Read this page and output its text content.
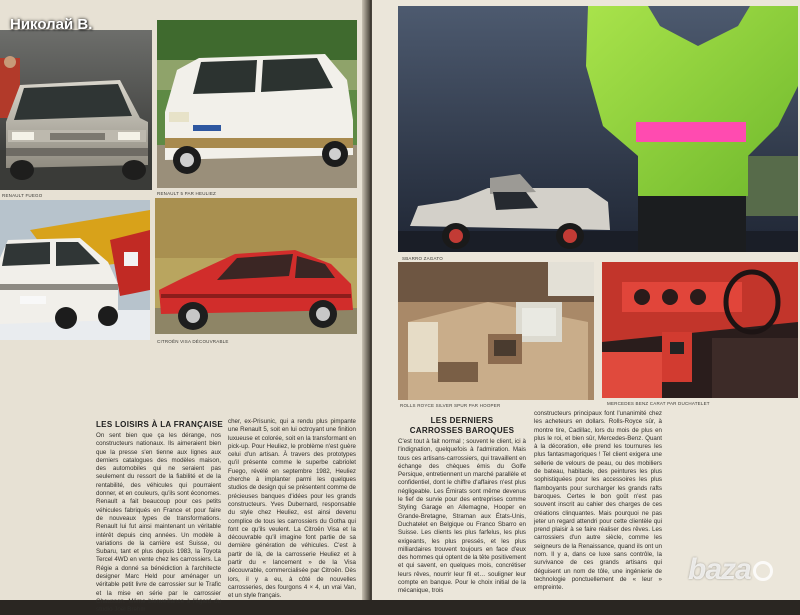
RENAULT FUEGO	RENAULT 5 PAR HEULIEZ
CITROËN VISA DÉCOUVRABLE
LES LOISIRS À LA FRANÇAISE
On sent bien que ça les dérange, nos constructeurs nationaux. Ils aimeraient bien que la presse s'en tienne aux lignes aux derniers catalogues des modèles maison, des automobiles qui ne seraient pas seulement du ressort de la fiabilité et de la rentabilité, des véhicules qui pourraient donner, et en couleurs, qu'ils sont économes. Renault a fait beaucoup pour ces petits véhicules fabriqués en France et pour faire de nouveaux types de transformations. Renault lui fut ainsi maintenant un véritable intérêt depuis cinq années. Un modèle à variations de la carrière est Suisse, ou Subaru, tant et plus depuis 1983, la Toyota Tercel 4WD en vente chez les carrossiers. La Régie a donné sa bénédiction à l'architecte designer Marc Held pour aménager un véritable petit livre de carrossier sur le Trafic et la mise en série par le carrossier Chausson. Même bienveillance à l'égard du studio Joël Brehm
cher, ex-Prisunic, qui a rendu plus pimpante une Renault 5, soit en lui octroyant une finition luxueuse et colorée, soit en la transformant en pick-up. Pour Heuliez, le problème n'est guère celui d'un artisan. À travers des prototypes qu'il présente comme le superbe cabriolet Fuego, révélé en septembre 1982, Heuliez cherche à implanter parmi les quelques studios de design qui se présentent comme de précieuses banques d'idées pour les grands constructeurs. Yves Dubernard, responsable du style chez Heuliez, est ainsi devenu complice de tous les carrossiers du Gotha qui font ce qu'ils veulent. La Citroën Visa et la découvrable qu'il imagine font partie de sa dernière génération de véhicules. C'est à partir de là, de la carrosserie Heuliez et à partir du « lancement » de la Visa découvrable, commercialisée par Citroën. Dès lors, il y a eu, à côté de nouvelles carrosseries, des fourgons 4 × 4, un vrai Van, et un style français.
SBARRO ZAGATO
ROLLS ROYCE SILVER SPUR PAR HOOPER	MERCEDES BENZ CARAT PAR DUCHATELET
LES DERNIERS
CARROSSES BAROQUES
C'est tout à fait normal ; souvent le client, ici à l'indignation, quelquefois à l'admiration. Mais tous ces artisans-carrossiers, qui travaillent en échange des chèques émis du Golfe Persique, entretiennent un marché parallèle et confidentiel, dont le chiffre d'affaires n'est plus négligeable. Les Émirats sont même devenus le fief de survie pour des entreprises comme Styling Garage en Allemagne, Hooper en Grande-Bretagne, Straman aux États-Unis, Duchatelet en Belgique ou Franco Sbarro en Suisse. Les clients les plus farfelus, les plus exigeants, les plus pressés, et les plus milliardaires trouvent toujours en face d'eux des hommes qui optent de la tête positivement et qui savent, en quelques mois, concrétiser leurs rêves, nourrir leur fil et… souligner leur compte en banque. Pour le choix initial de la mécanique, trois
constructeurs principaux font l'unanimité chez les acheteurs en dollars. Rolls-Royce sûr, à montre tire, Cadillac, lors du mois de plus en plus le roi, et bien sûr, Mercedes-Benz. Quant à la décoration, elle prend les tournures les plus fantasmagoriques ! Tel client exigera une sellerie de velours de peau, ou des mobiliers de bateau, habitacle, des peintures les plus sophistiquées pour les accessoires les plus flamboyants pour surcharger les grands rafts baroques. Certes le bon goût n'est pas souvent inscrit au cahier des charges de ces créations clinquantes. Mais pourquoi ne pas jeter un regard attendri pour cette clientèle qui prend plaisir à se faire réaliser des rêves. Les carrossiers d'un autre siècle, comme les seigneurs de la Renaissance, quand ils ont un nom. Il y a, dans ce luxe sans contrôle, la survivance de ces grands artisans qui déguisent un nom de tôle, une ingénierie de technologie ponctuellement de « leur » empreinte.
Николай В.
baza
